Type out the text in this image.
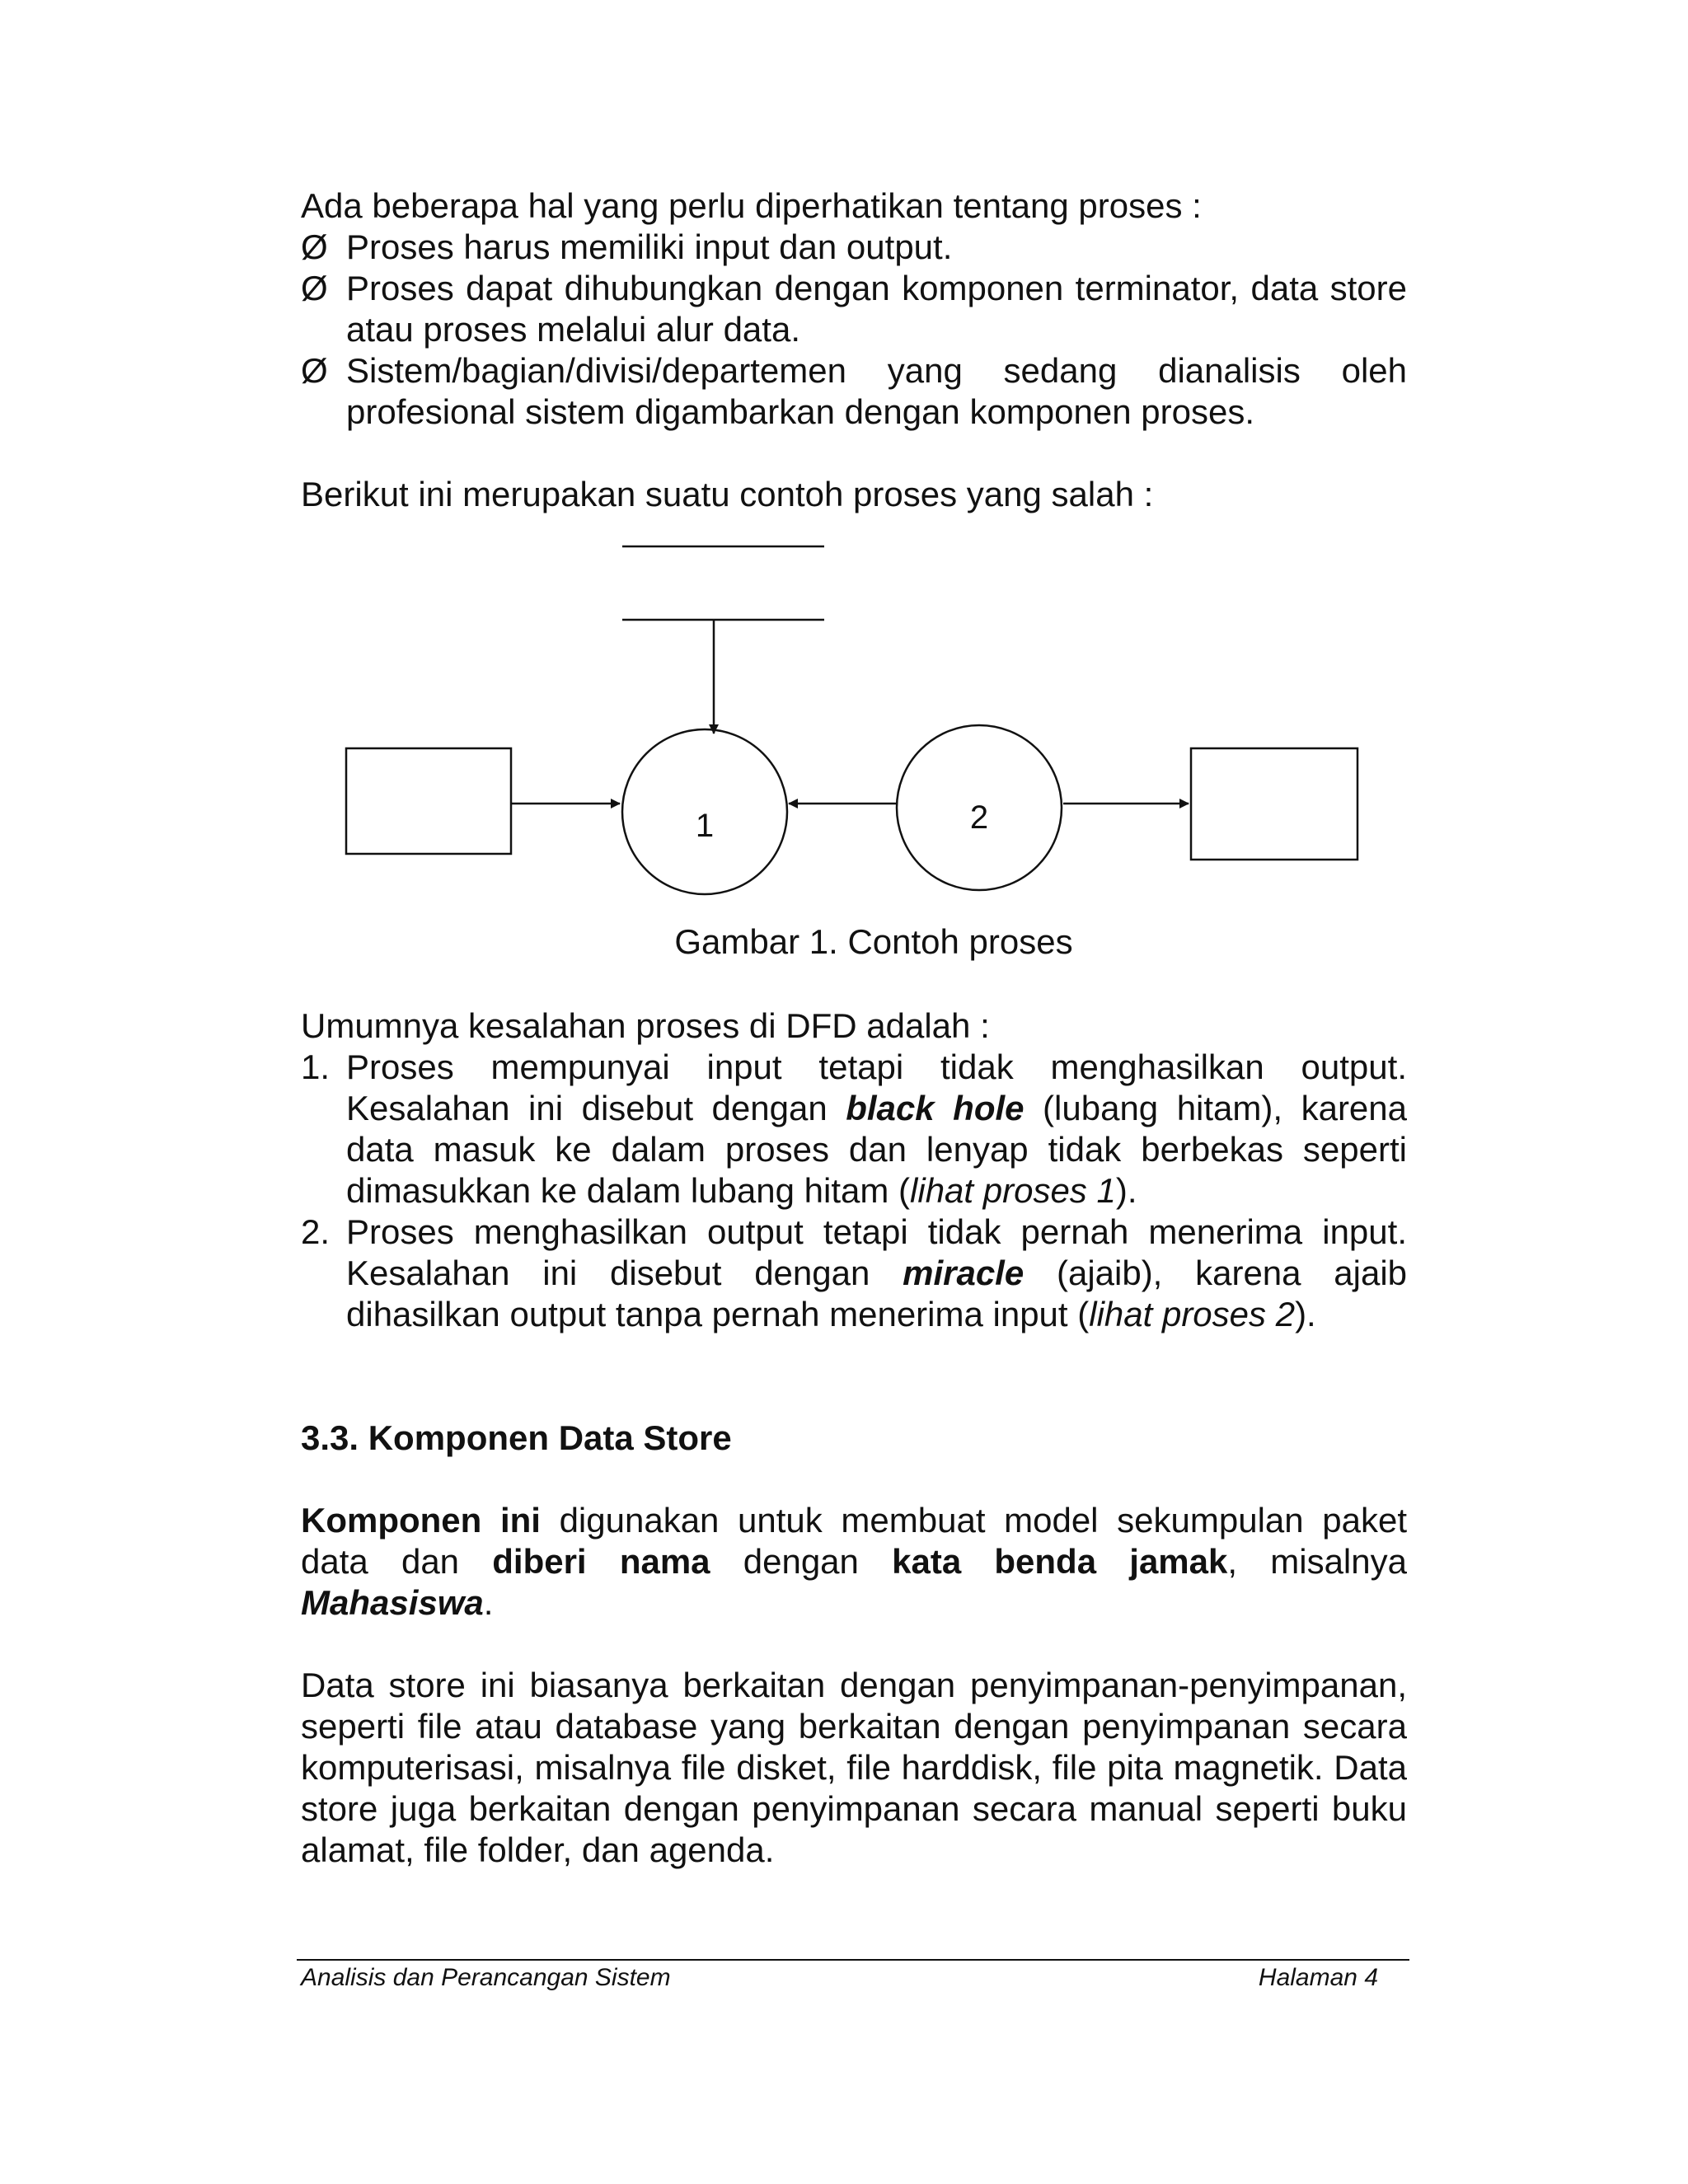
Ada beberapa hal yang perlu diperhatikan tentang proses :
Ø Proses harus memiliki input dan output.
Ø Proses dapat dihubungkan dengan komponen terminator, data store atau proses melalui alur data.
Ø Sistem/bagian/divisi/departemen yang sedang dianalisis oleh profesional sistem digambarkan dengan komponen proses.
Berikut ini merupakan suatu contoh proses yang salah :
1	2
Gambar 1. Contoh proses
Umumnya kesalahan proses di DFD adalah :
1. Proses mempunyai input tetapi tidak menghasilkan output. Kesalahan ini disebut dengan black hole (lubang hitam), karena data masuk ke dalam proses dan lenyap tidak berbekas seperti dimasukkan ke dalam lubang hitam (lihat proses 1).
2. Proses menghasilkan output tetapi tidak pernah menerima input. Kesalahan ini disebut dengan miracle (ajaib), karena ajaib dihasilkan output tanpa pernah menerima input (lihat proses 2).
3.3. Komponen Data Store
Komponen ini digunakan untuk membuat model sekumpulan paket data dan diberi nama dengan kata benda jamak, misalnya Mahasiswa.
Data store ini biasanya berkaitan dengan penyimpanan-penyimpanan, seperti file atau database yang berkaitan dengan penyimpanan secara komputerisasi, misalnya file disket, file harddisk, file pita magnetik. Data store juga berkaitan dengan penyimpanan secara manual seperti buku alamat, file folder, dan agenda.
Analisis dan Perancangan Sistem	Halaman 4
